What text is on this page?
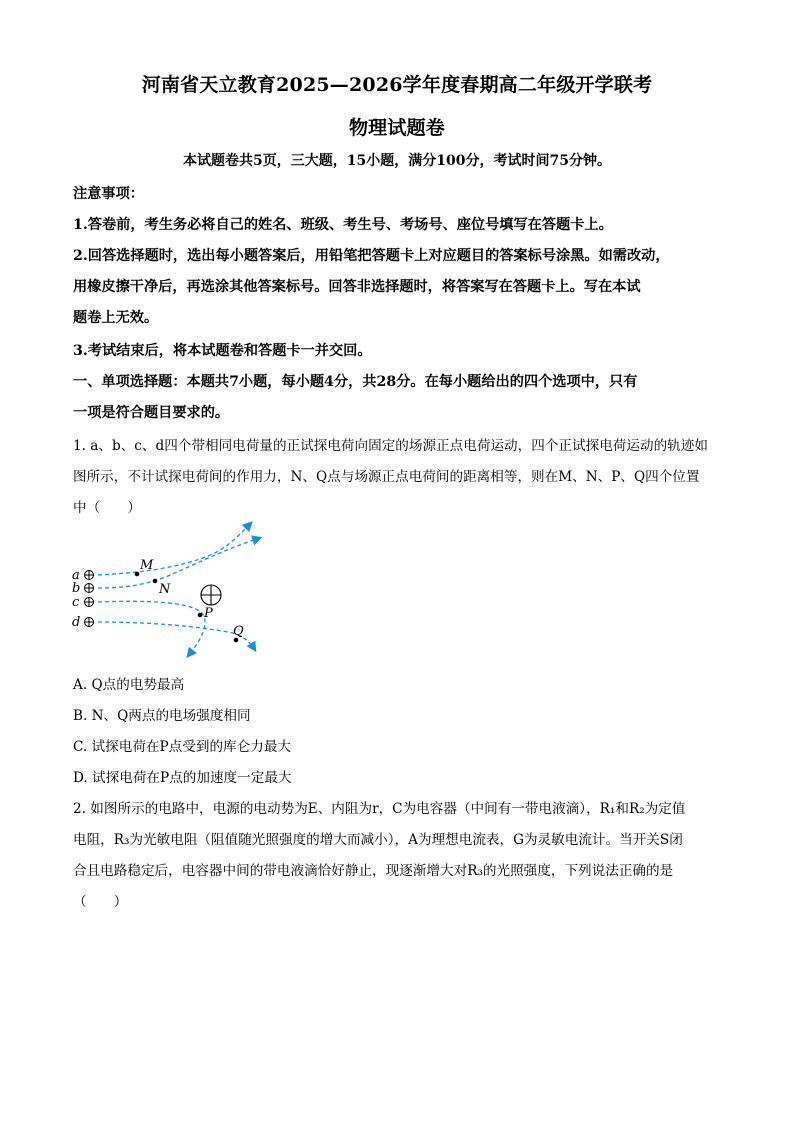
河南省天立教育2025—2026学年度春期高二年级开学联考
物理试题卷
本试题卷共5页，三大题，15小题，满分100分，考试时间75分钟。
注意事项：
1.答卷前，考生务必将自己的姓名、班级、考生号、考场号、座位号填写在答题卡上。
2.回答选择题时，选出每小题答案后，用铅笔把答题卡上对应题目的答案标号涂黑。如需改动，
用橡皮擦干净后，再选涂其他答案标号。回答非选择题时，将答案写在答题卡上。写在本试
题卷上无效。
3.考试结束后，将本试题卷和答题卡一并交回。
一、单项选择题：本题共7小题，每小题4分，共28分。在每小题给出的四个选项中，只有
一项是符合题目要求的。
1. a、b、c、d四个带相同电荷量的正试探电荷向固定的场源正点电荷运动，四个正试探电荷运动的轨迹如
图所示，不计试探电荷间的作用力，N、Q点与场源正点电荷间的距离相等，则在M、N、P、Q四个位置
中（　　）
a
b
c
d
M
N
P
Q
A. Q点的电势最高
B. N、Q两点的电场强度相同
C. 试探电荷在P点受到的库仑力最大
D. 试探电荷在P点的加速度一定最大
2. 如图所示的电路中，电源的电动势为E、内阻为r，C为电容器（中间有一带电液滴），R₁和R₂为定值
电阻，R₃为光敏电阻（阻值随光照强度的增大而减小），A为理想电流表，G为灵敏电流计。当开关S闭
合且电路稳定后，电容器中间的带电液滴恰好静止，现逐渐增大对R₃的光照强度，下列说法正确的是
（　　）
